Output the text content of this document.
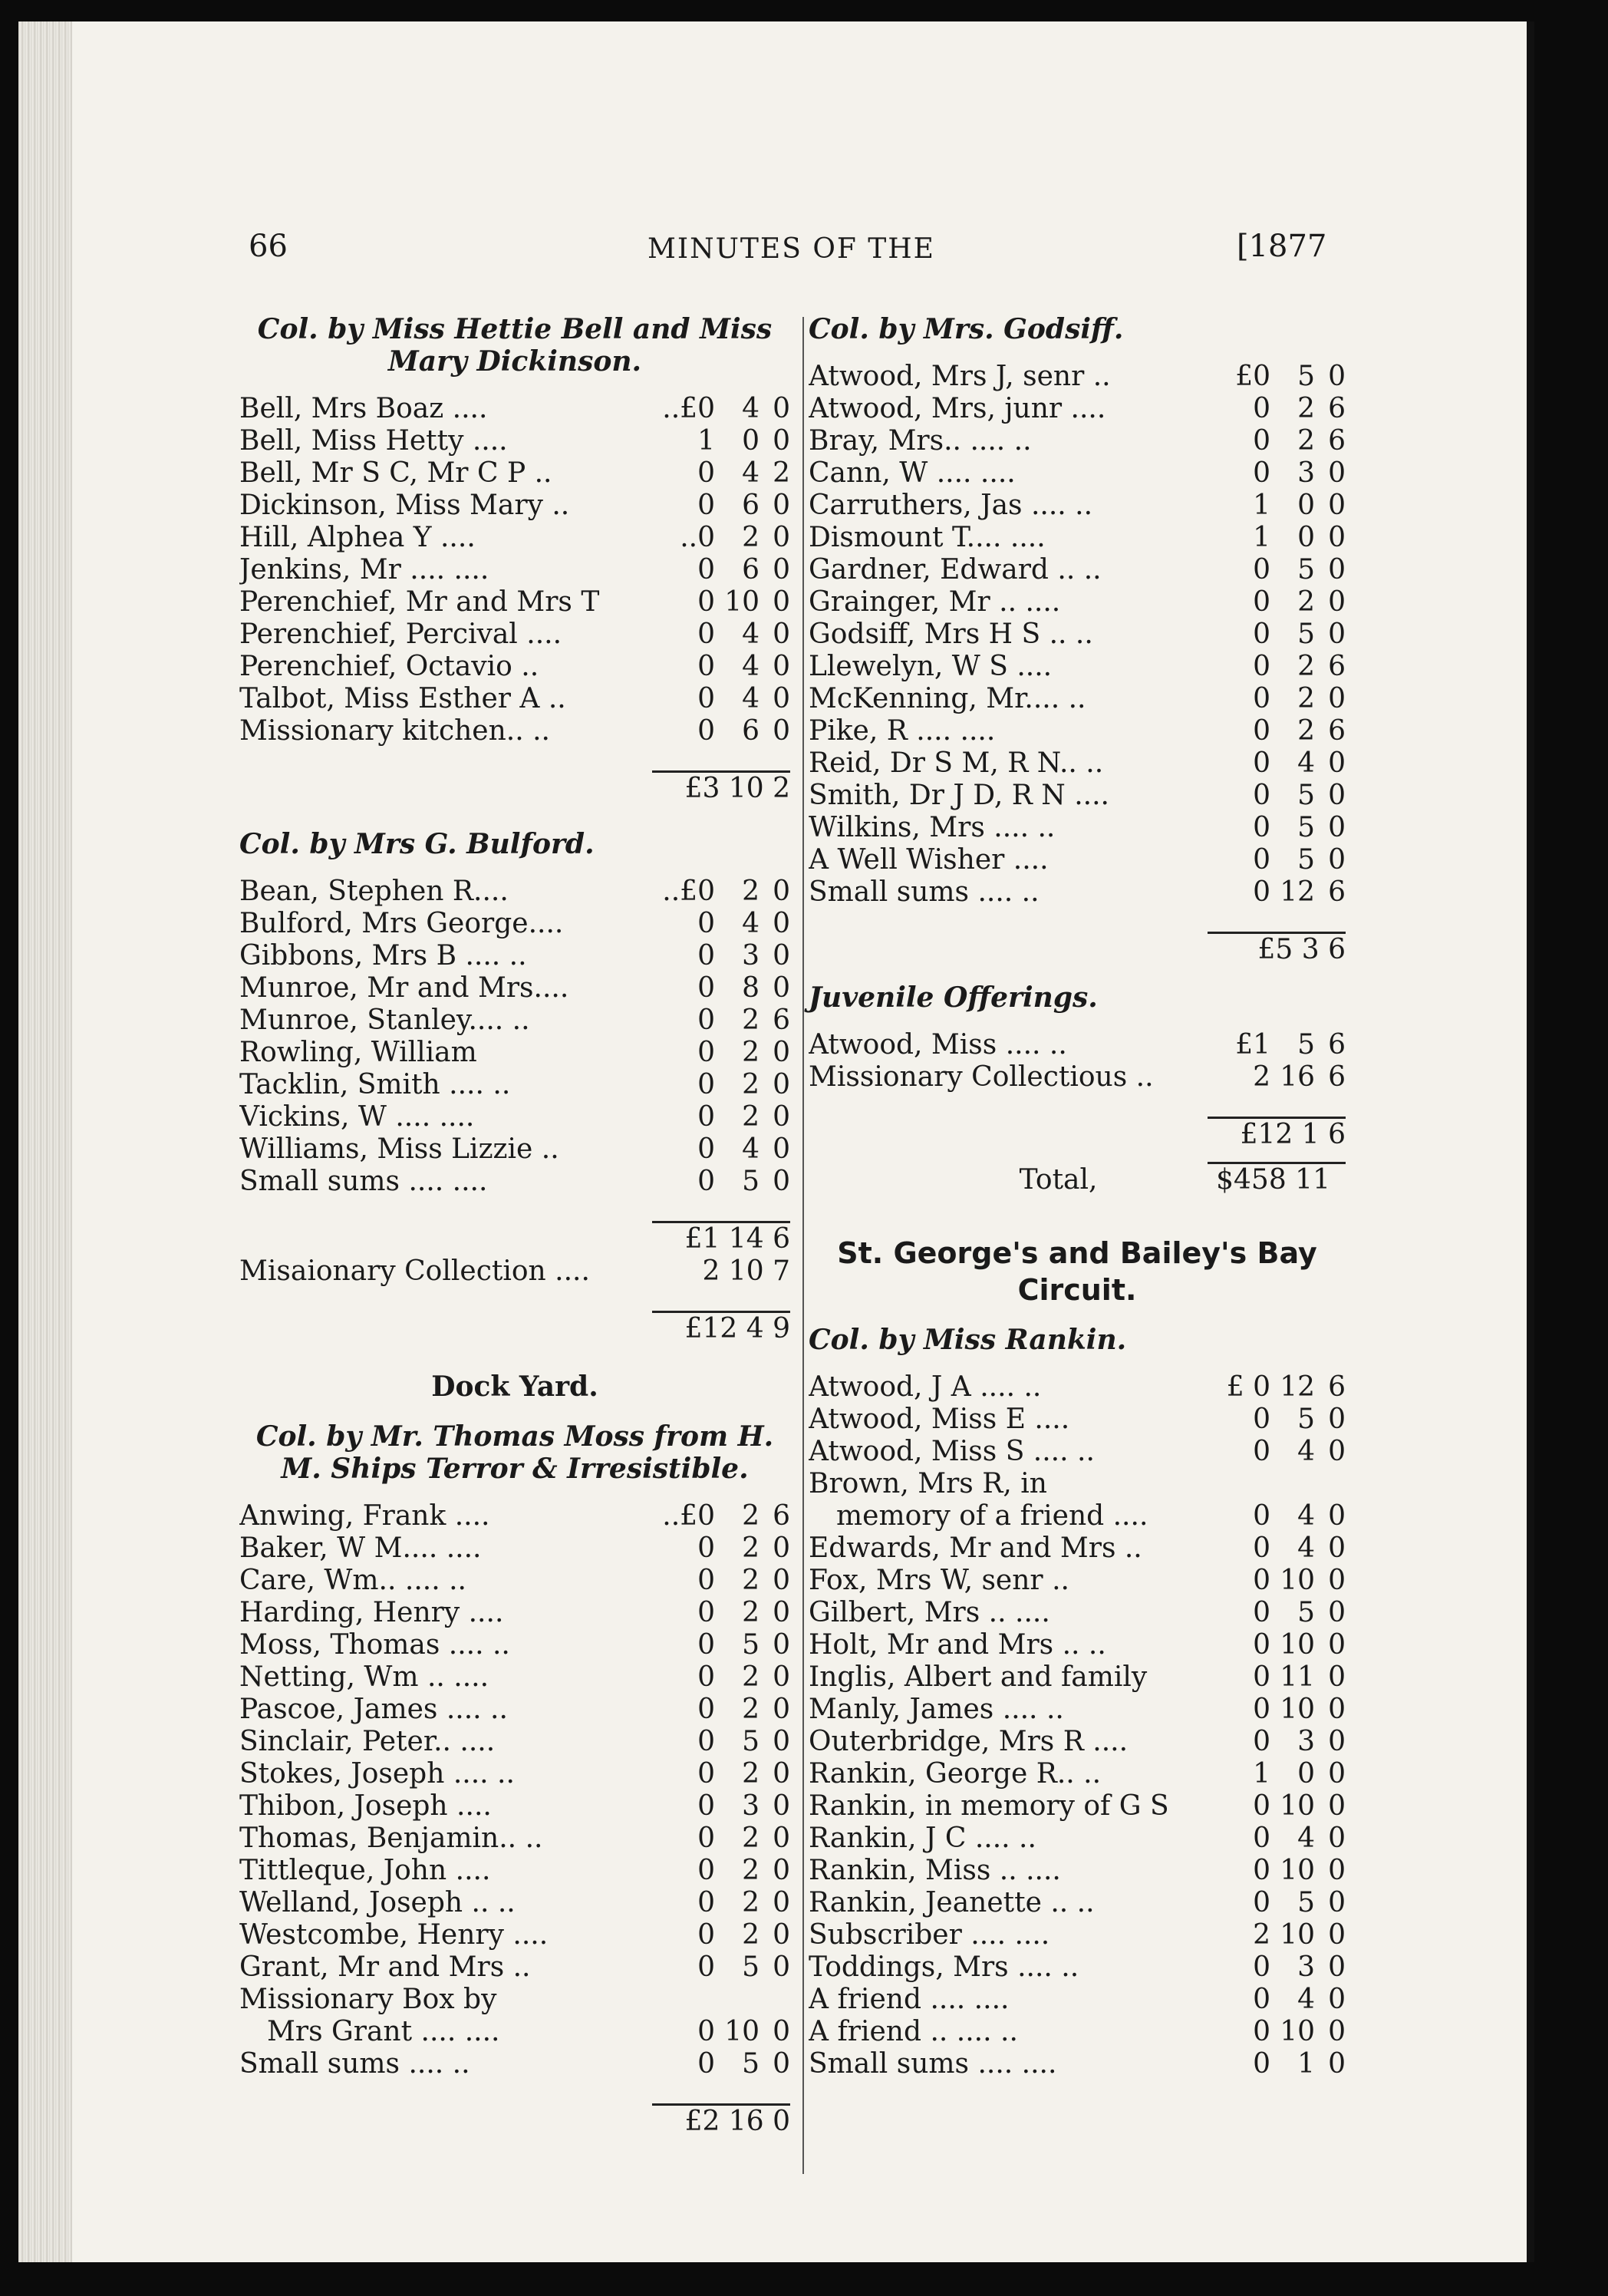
66	MINUTES OF THE	[1877
Col. by Miss Hettie Bell and Miss
Mary Dickinson.
Bell, Mrs Boaz ....	..£0 4 0
Bell, Miss Hetty ....	1 0 0
Bell, Mr S C, Mr C P ..	0 4 2
Dickinson, Miss Mary ..	0 6 0
Hill, Alphea Y ....	..0 2 0
Jenkins, Mr .... ....	0 6 0
Perenchief, Mr and Mrs T	0 10 0
Perenchief, Percival ....	0 4 0
Perenchief, Octavio ..	0 4 0
Talbot, Miss Esther A ..	0 4 0
Missionary kitchen.. ..	0 6 0
£3 10 2
Col. by Mrs G. Bulford.
Bean, Stephen R....	..£0 2 0
Bulford, Mrs George....	0 4 0
Gibbons, Mrs B .... ..	0 3 0
Munroe, Mr and Mrs....	0 8 0
Munroe, Stanley.... ..	0 2 6
Rowling, William	0 2 0
Tacklin, Smith .... ..	0 2 0
Vickins, W .... ....	0 2 0
Williams, Miss Lizzie ..	0 4 0
Small sums .... ....	0 5 0
£1 14 6
Misaionary Collection ....	2 10 7
£12 4 9
Dock Yard.
Col. by Mr. Thomas Moss from H.
M. Ships Terror & Irresistible.
Anwing, Frank ....	..£0 2 6
Baker, W M.... ....	0 2 0
Care, Wm.. .... ..	0 2 0
Harding, Henry ....	0 2 0
Moss, Thomas .... ..	0 5 0
Netting, Wm .. ....	0 2 0
Pascoe, James .... ..	0 2 0
Sinclair, Peter.. ....	0 5 0
Stokes, Joseph .... ..	0 2 0
Thibon, Joseph ....	0 3 0
Thomas, Benjamin.. ..	0 2 0
Tittleque, John ....	0 2 0
Welland, Joseph .. ..	0 2 0
Westcombe, Henry ....	0 2 0
Grant, Mr and Mrs ..	0 5 0
Missionary Box by
Mrs Grant .... ....	0 10 0
Small sums .... ..	0 5 0
£2 16 0
Col. by Mrs. Godsiff.
Atwood, Mrs J, senr ..	£0 5 0
Atwood, Mrs, junr ....	0 2 6
Bray, Mrs.. .... ..	0 2 6
Cann, W .... ....	0 3 0
Carruthers, Jas .... ..	1 0 0
Dismount T.... ....	1 0 0
Gardner, Edward .. ..	0 5 0
Grainger, Mr .. ....	0 2 0
Godsiff, Mrs H S .. ..	0 5 0
Llewelyn, W S ....	0 2 6
McKenning, Mr.... ..	0 2 0
Pike, R .... ....	0 2 6
Reid, Dr S M, R N.. ..	0 4 0
Smith, Dr J D, R N ....	0 5 0
Wilkins, Mrs .... ..	0 5 0
A Well Wisher ....	0 5 0
Small sums .... ..	0 12 6
£5 3 6
Juvenile Offerings.
Atwood, Miss .... ..	£1 5 6
Missionary Collectious ..	2 16 6
£12 1 6
Total,	$458 11
St. George's and Bailey's Bay
Circuit.
Col. by Miss Rankin.
Atwood, J A .... ..	£ 0 12 6
Atwood, Miss E ....	0 5 0
Atwood, Miss S .... ..	0 4 0
Brown, Mrs R, in
memory of a friend ....	0 4 0
Edwards, Mr and Mrs ..	0 4 0
Fox, Mrs W, senr ..	0 10 0
Gilbert, Mrs .. ....	0 5 0
Holt, Mr and Mrs .. ..	0 10 0
Inglis, Albert and family	0 11 0
Manly, James .... ..	0 10 0
Outerbridge, Mrs R ....	0 3 0
Rankin, George R.. ..	1 0 0
Rankin, in memory of G S	0 10 0
Rankin, J C .... ..	0 4 0
Rankin, Miss .. ....	0 10 0
Rankin, Jeanette .. ..	0 5 0
Subscriber .... ....	2 10 0
Toddings, Mrs .... ..	0 3 0
A friend .... ....	0 4 0
A friend .. .... ..	0 10 0
Small sums .... ....	0 1 0
